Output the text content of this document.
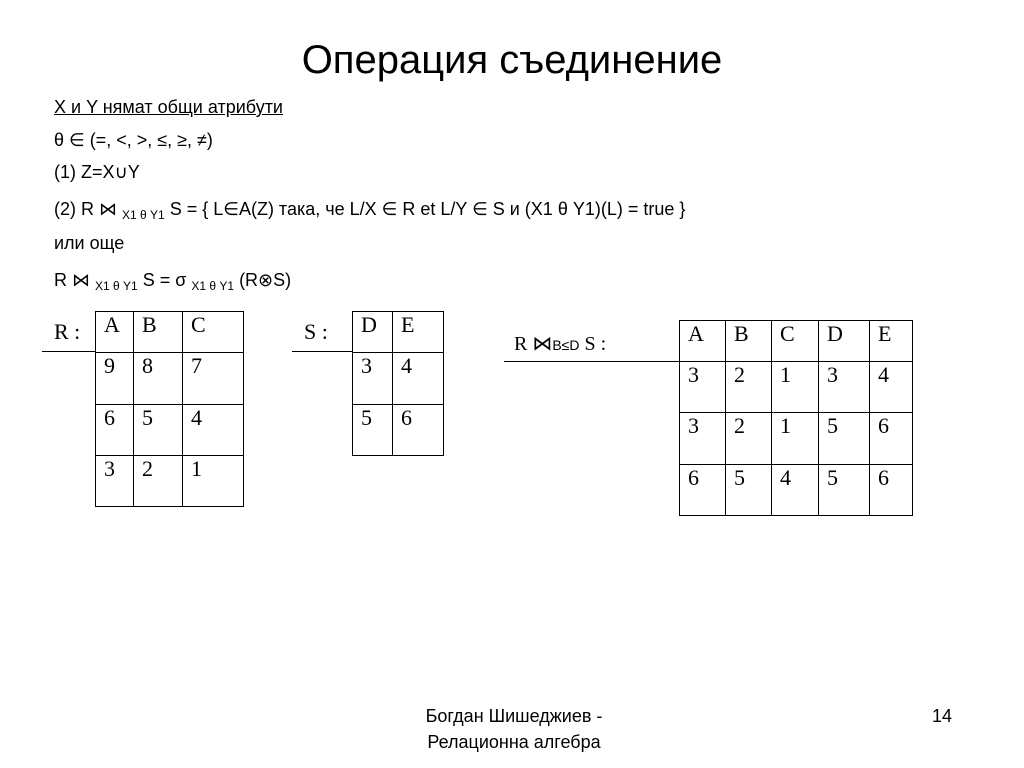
Операция съединение
X и Y нямат общи атрибути
θ ∈ (=, <, >, ≤, ≥, ≠)
(1) Z=X∪Y
(2) R ⋈ $_{X1 \theta Y1}$ S = { L∈A(Z) така, че L/X ∈ R et L/Y ∈ S и (X1 θ Y1)(L) = true }
или още
R ⋈ $_{X1 \theta Y1}$ S = σ $_{X1 \theta Y1}$ (R⊗S)
R : A	B	C
9	8	7
6	5	4
3	2	1
S : D	E
3	4
5	6
R ⋈B≤D S :	A	B	C	D	E
3	2	1	3	4
3	2	1	5	6
6	5	4	5	6
Богдан Шишеджиев -
Релационна алгебра
14
